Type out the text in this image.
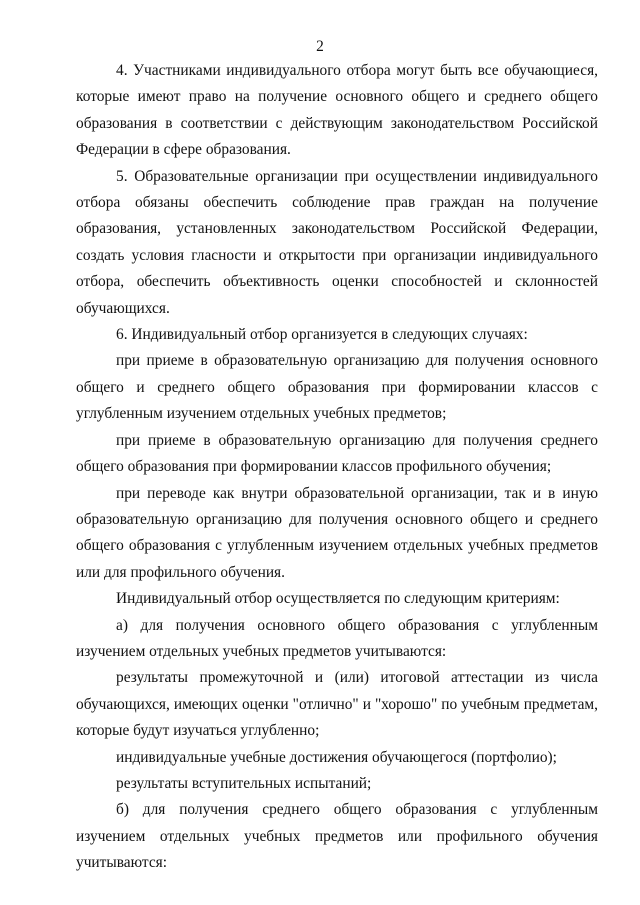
2

4. Участниками индивидуального отбора могут быть все обучающиеся, которые имеют право на получение основного общего и среднего общего образования в соответствии с действующим законодательством Российской Федерации в сфере образования.

5. Образовательные организации при осуществлении индивидуального отбора обязаны обеспечить соблюдение прав граждан на получение образования, установленных законодательством Российской Федерации, создать условия гласности и открытости при организации индивидуального отбора, обеспечить объективность оценки способностей и склонностей обучающихся.

6. Индивидуальный отбор организуется в следующих случаях:

при приеме в образовательную организацию для получения основного общего и среднего общего образования при формировании классов с углубленным изучением отдельных учебных предметов;

при приеме в образовательную организацию для получения среднего общего образования при формировании классов профильного обучения;

при переводе как внутри образовательной организации, так и в иную образовательную организацию для получения основного общего и среднего общего образования с углубленным изучением отдельных учебных предметов или для профильного обучения.

Индивидуальный отбор осуществляется по следующим критериям:

а) для получения основного общего образования с углубленным изучением отдельных учебных предметов учитываются:

результаты промежуточной и (или) итоговой аттестации из числа обучающихся, имеющих оценки "отлично" и "хорошо" по учебным предметам, которые будут изучаться углубленно;

индивидуальные учебные достижения обучающегося (портфолио);

результаты вступительных испытаний;

б) для получения среднего общего образования с углубленным изучением отдельных учебных предметов или профильного обучения учитываются:
